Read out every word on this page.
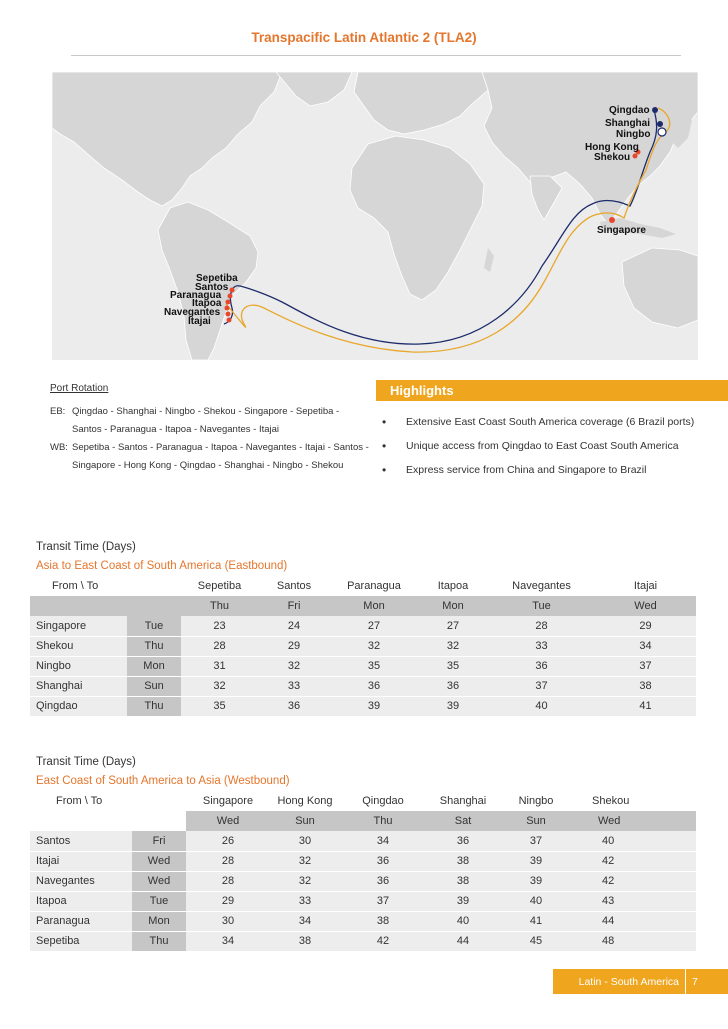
Transpacific Latin Atlantic 2 (TLA2)
Qingdao
Shanghai
Ningbo
Hong Kong
Shekou
Singapore
Sepetiba
Santos
Paranagua
Itapoa
Navegantes
Itajai
Port Rotation
EB: Qingdao - Shanghai - Ningbo - Shekou - Singapore - Sepetiba -
Santos - Paranagua - Itapoa - Navegantes - Itajai
WB: Sepetiba - Santos - Paranagua - Itapoa - Navegantes - Itajai - Santos -
Singapore - Hong Kong - Qingdao - Shanghai - Ningbo - Shekou
Highlights
•	Extensive East Coast South America coverage (6 Brazil ports)
•	Unique access from Qingdao to East Coast South America
•	Express service from China and Singapore to Brazil
Transit Time (Days)
Asia to East Coast of South America (Eastbound)
From \ To		Sepetiba	Santos	Paranagua	Itapoa	Navegantes	Itajai
		Thu	Fri	Mon	Mon	Tue	Wed
Singapore	Tue	23	24	27	27	28	29
Shekou	Thu	28	29	32	32	33	34
Ningbo	Mon	31	32	35	35	36	37
Shanghai	Sun	32	33	36	36	37	38
Qingdao	Thu	35	36	39	39	40	41
Transit Time (Days)
East Coast of South America to Asia (Westbound)
From \ To		Singapore	Hong Kong	Qingdao	Shanghai	Ningbo	Shekou
		Wed	Sun	Thu	Sat	Sun	Wed
Santos	Fri	26	30	34	36	37	40
Itajai	Wed	28	32	36	38	39	42
Navegantes	Wed	28	32	36	38	39	42
Itapoa	Tue	29	33	37	39	40	43
Paranagua	Mon	30	34	38	40	41	44
Sepetiba	Thu	34	38	42	44	45	48
Latin - South America	7
